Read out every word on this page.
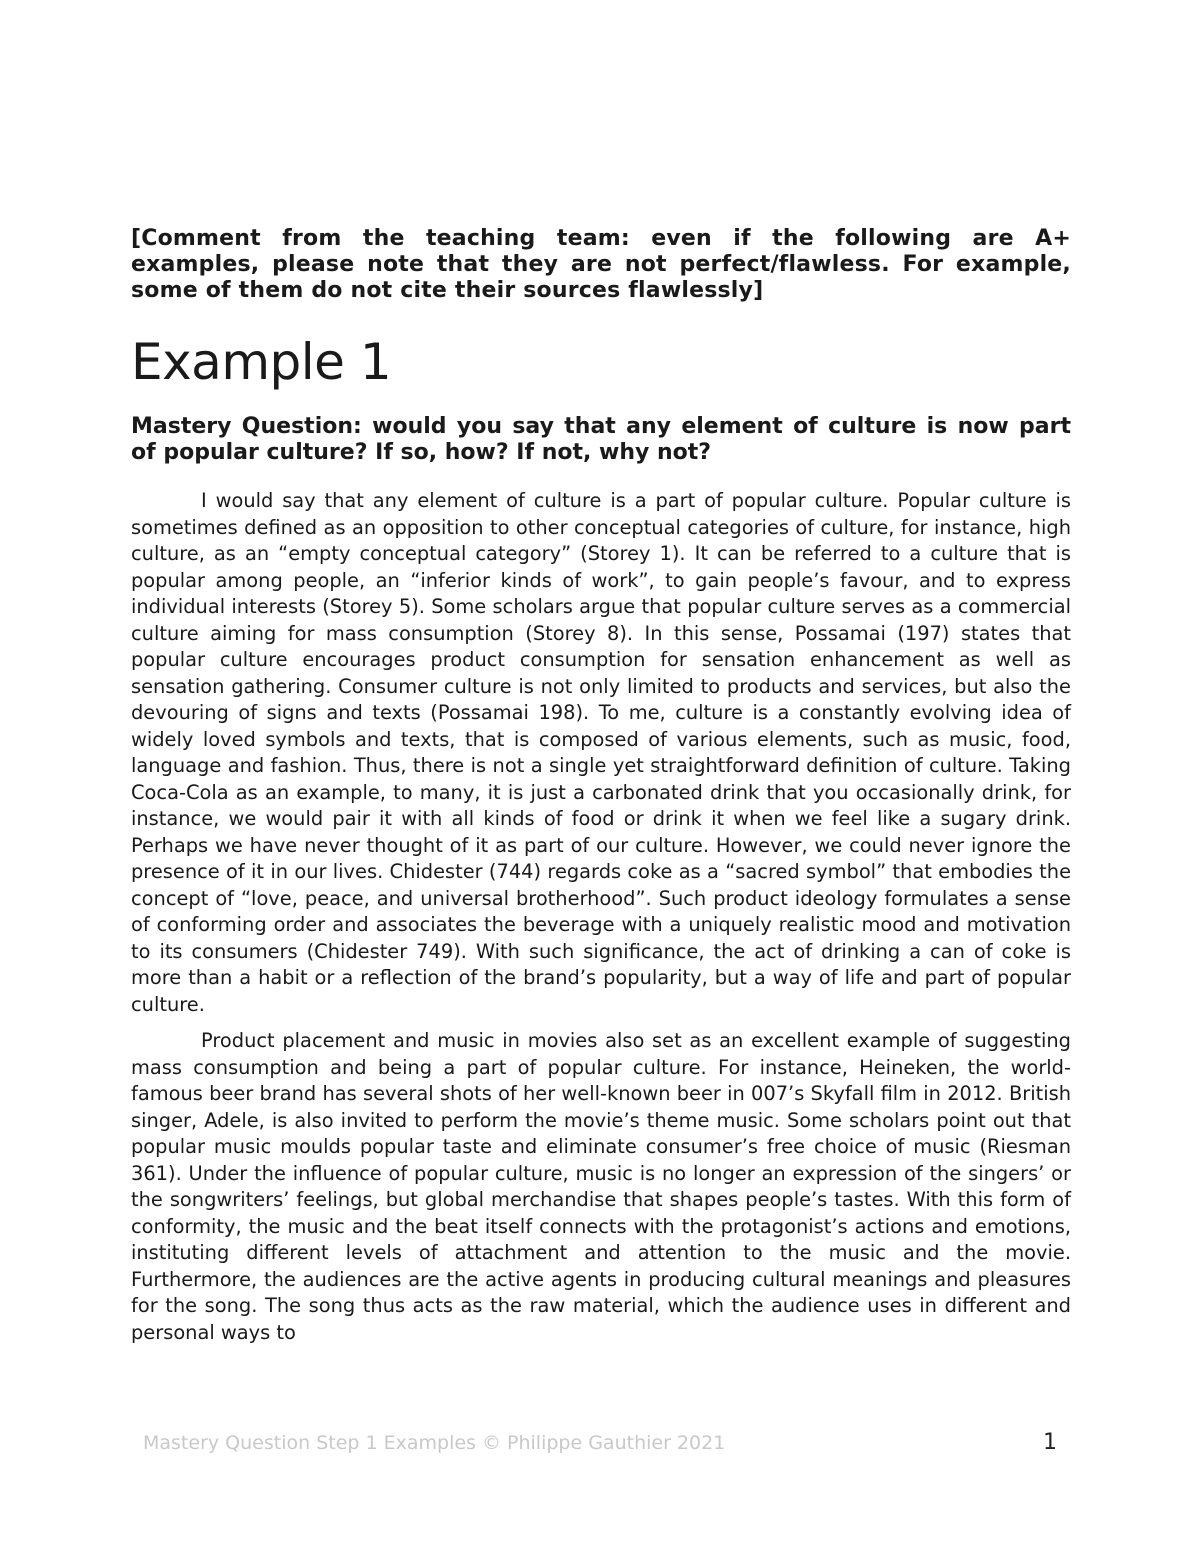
[Comment from the teaching team: even if the following are A+ examples, please note that they are not perfect/flawless. For example, some of them do not cite their sources flawlessly]

Example 1

Mastery Question: would you say that any element of culture is now part of popular culture? If so, how? If not, why not?

I would say that any element of culture is a part of popular culture. Popular culture is sometimes defined as an opposition to other conceptual categories of culture, for instance, high culture, as an “empty conceptual category” (Storey 1). It can be referred to a culture that is popular among people, an “inferior kinds of work”, to gain people’s favour, and to express individual interests (Storey 5). Some scholars argue that popular culture serves as a commercial culture aiming for mass consumption (Storey 8). In this sense, Possamai (197) states that popular culture encourages product consumption for sensation enhancement as well as sensation gathering. Consumer culture is not only limited to products and services, but also the devouring of signs and texts (Possamai 198). To me, culture is a constantly evolving idea of widely loved symbols and texts, that is composed of various elements, such as music, food, language and fashion. Thus, there is not a single yet straightforward definition of culture. Taking Coca-Cola as an example, to many, it is just a carbonated drink that you occasionally drink, for instance, we would pair it with all kinds of food or drink it when we feel like a sugary drink. Perhaps we have never thought of it as part of our culture. However, we could never ignore the presence of it in our lives. Chidester (744) regards coke as a “sacred symbol” that embodies the concept of “love, peace, and universal brotherhood”. Such product ideology formulates a sense of conforming order and associates the beverage with a uniquely realistic mood and motivation to its consumers (Chidester 749). With such significance, the act of drinking a can of coke is more than a habit or a reflection of the brand’s popularity, but a way of life and part of popular culture.

Product placement and music in movies also set as an excellent example of suggesting mass consumption and being a part of popular culture. For instance, Heineken, the world-famous beer brand has several shots of her well-known beer in 007’s Skyfall film in 2012. British singer, Adele, is also invited to perform the movie’s theme music. Some scholars point out that popular music moulds popular taste and eliminate consumer’s free choice of music (Riesman 361). Under the influence of popular culture, music is no longer an expression of the singers’ or the songwriters’ feelings, but global merchandise that shapes people’s tastes. With this form of conformity, the music and the beat itself connects with the protagonist’s actions and emotions, instituting different levels of attachment and attention to the music and the movie. Furthermore, the audiences are the active agents in producing cultural meanings and pleasures for the song. The song thus acts as the raw material, which the audience uses in different and personal ways to

Mastery Question Step 1 Examples © Philippe Gauthier 2021	1
